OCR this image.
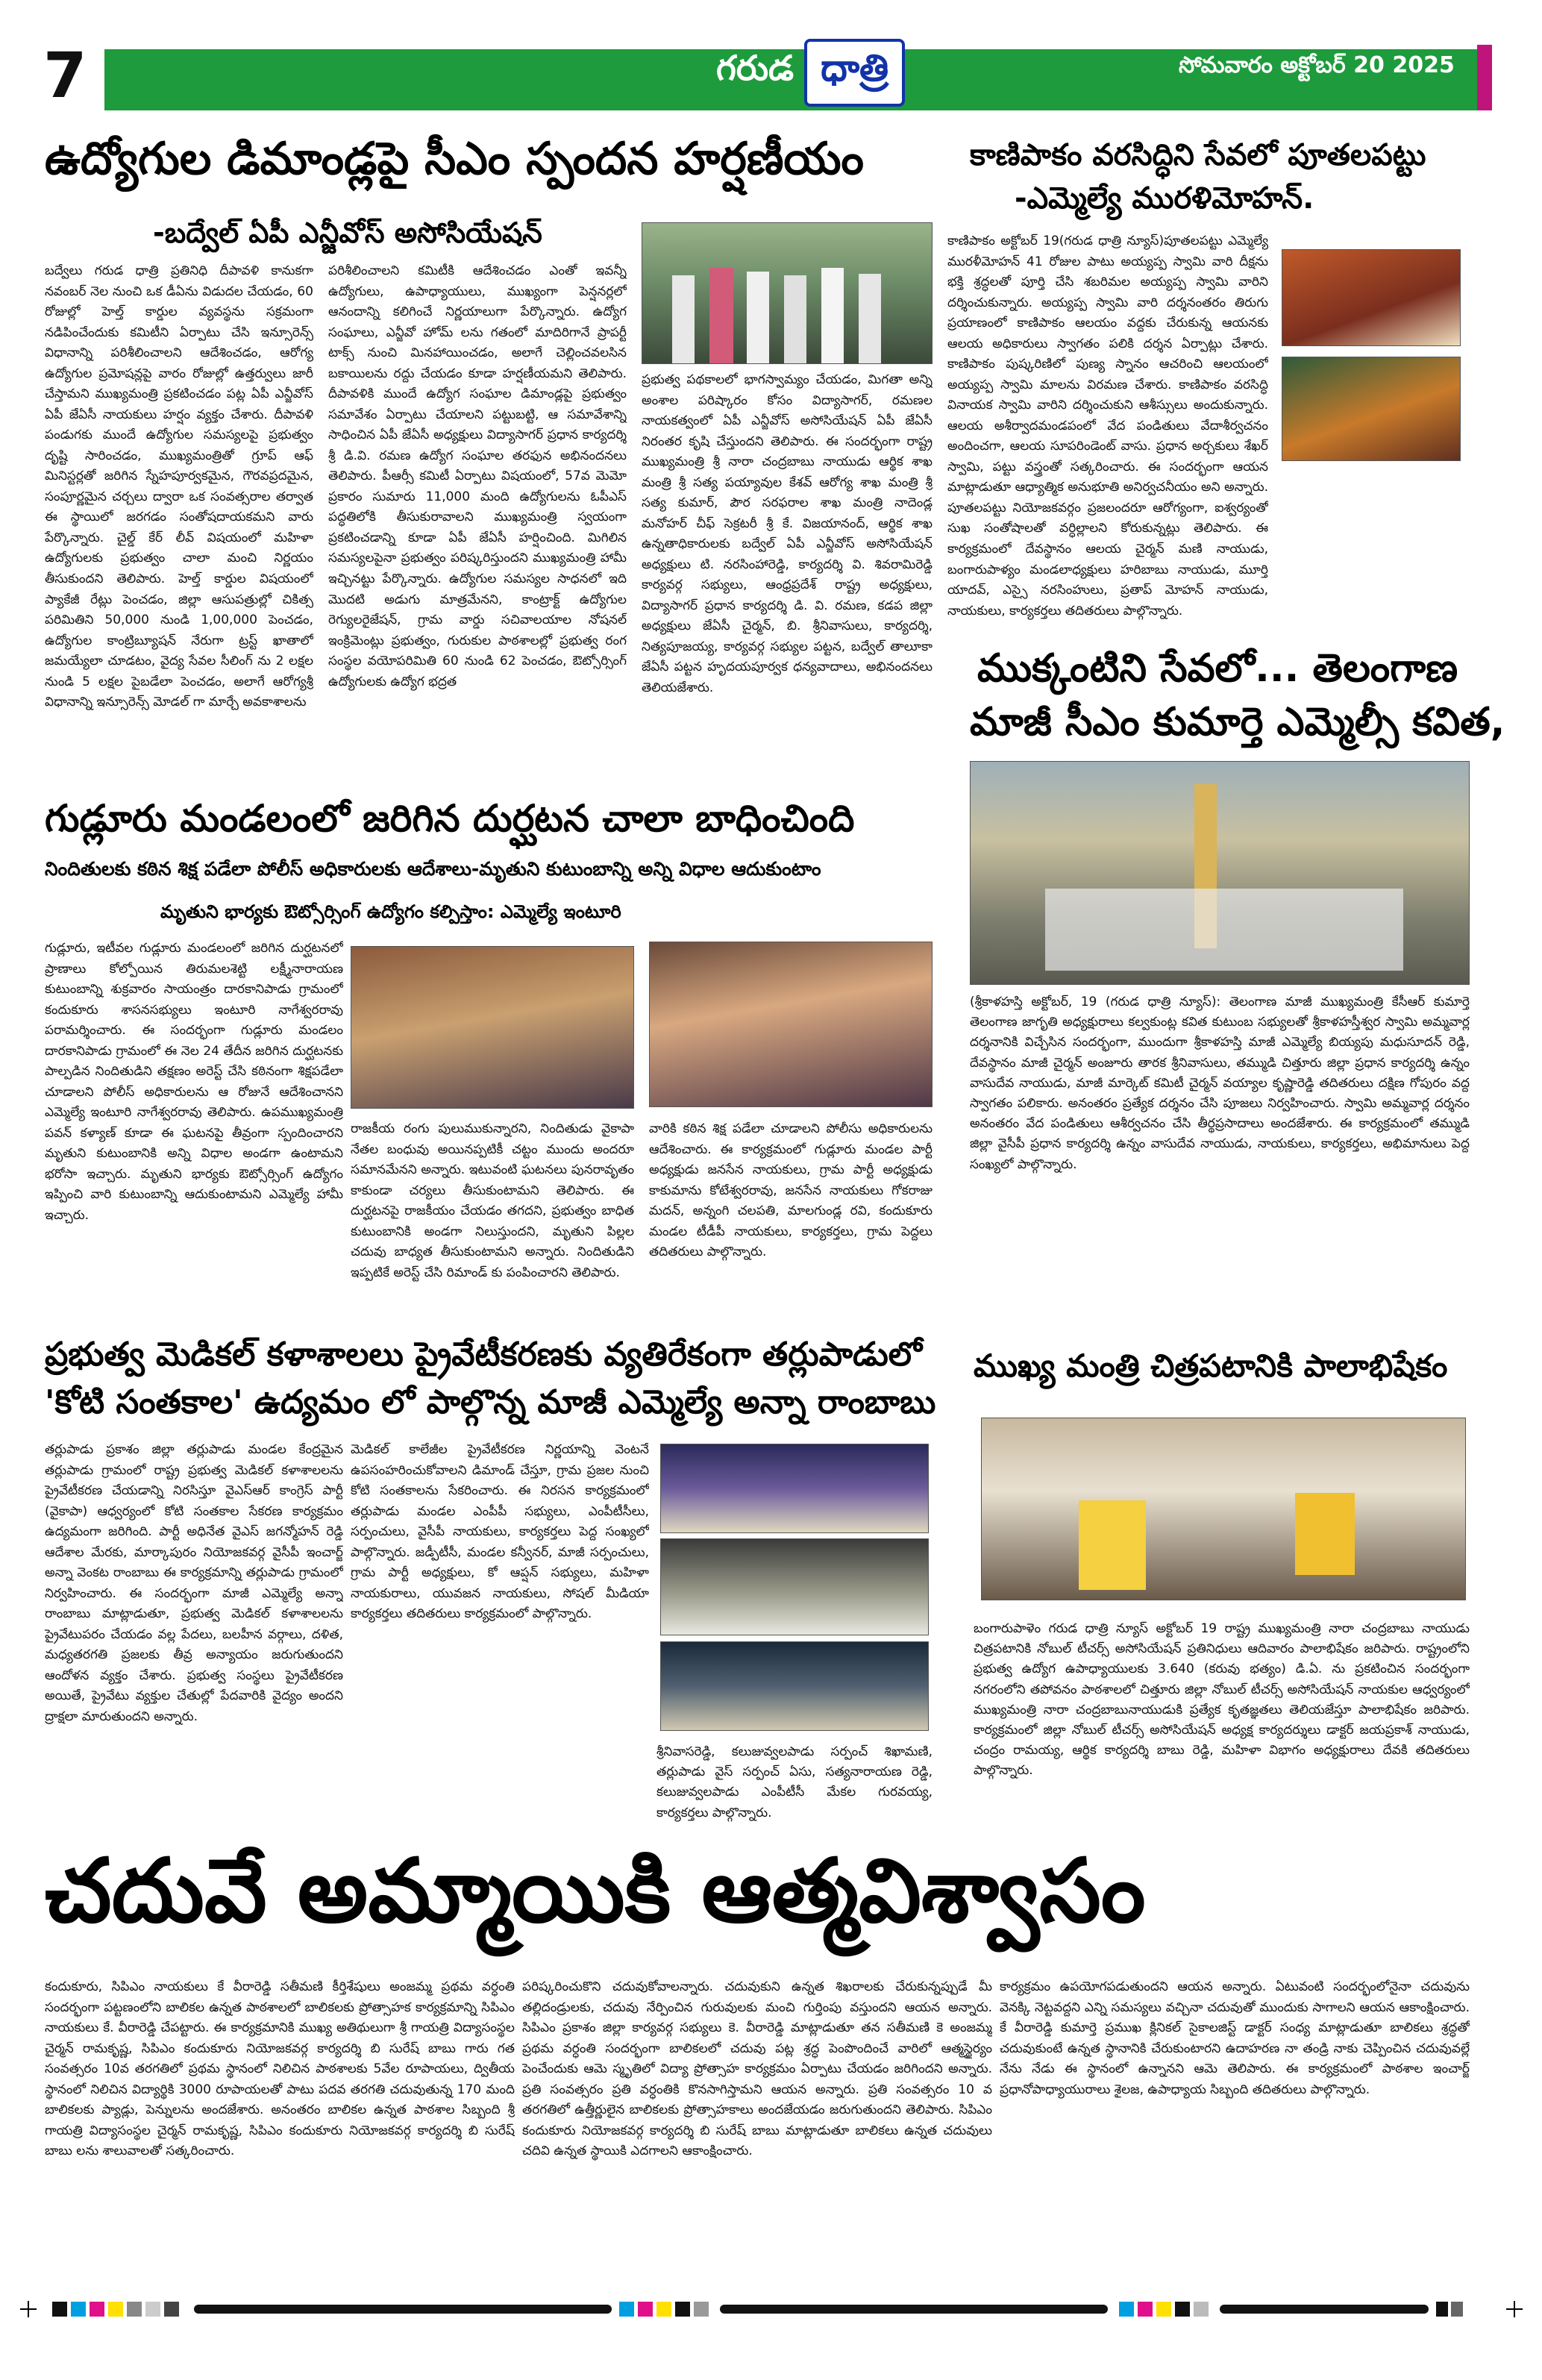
7	గరుడ ధాత్రి	సోమవారం అక్టోబర్ 20 2025
ఉద్యోగుల డిమాండ్లపై సీఎం స్పందన హర్షణీయం
-బద్వేల్ ఏపీ ఎన్జీవోస్ అసోసియేషన్
బద్వేలు గరుడ ధాత్రి ప్రతినిధి దీపావళి కానుకగా నవంబర్ నెల నుంచి ఒక డీఏను విడుదల చేయడం, 60 రోజుల్లో హెల్త్ కార్డుల వ్యవస్థను సక్రమంగా నడిపించేందుకు కమిటీని ఏర్పాటు చేసి ఇన్సూరెన్స్ విధానాన్ని పరిశీలించాలని ఆదేశించడం, ఆరోగ్య ఉద్యోగుల ప్రమోషన్లపై వారం రోజుల్లో ఉత్తర్వులు జారీ చేస్తామని ముఖ్యమంత్రి ప్రకటించడం పట్ల ఏపీ ఎన్జీవోస్ ఏపీ జేఏసీ నాయకులు హర్షం వ్యక్తం చేశారు. దీపావళి పండుగకు ముందే ఉద్యోగుల సమస్యలపై ప్రభుత్వం దృష్టి సారించడం, ముఖ్యమంత్రితో గ్రూప్ ఆఫ్ మినిస్టర్లతో జరిగిన స్నేహపూర్వకమైన, గౌరవప్రదమైన, సంపూర్ణమైన చర్చలు ద్వారా ఒక సంవత్సరాల తర్వాత ఈ స్థాయిలో జరగడం సంతోషదాయకమని వారు పేర్కొన్నారు. చైల్డ్ కేర్ లీవ్ విషయంలో మహిళా ఉద్యోగులకు ప్రభుత్వం చాలా మంచి నిర్ణయం తీసుకుందని తెలిపారు. హెల్త్ కార్డుల విషయంలో ప్యాకేజీ రేట్లు పెంచడం, జిల్లా ఆసుపత్రుల్లో చికిత్స పరిమితిని 50,000 నుండి 1,00,000 పెంచడం, ఉద్యోగుల కాంట్రిబ్యూషన్ నేరుగా ట్రస్ట్ ఖాతాలో జమయ్యేలా చూడటం, వైద్య సేవల సీలింగ్ ను 2 లక్షల నుండి 5 లక్షల పైబడేలా పెంచడం, అలాగే ఆరోగ్యశ్రీ విధానాన్ని ఇన్సూరెన్స్ మోడల్ గా మార్చే అవకాశాలను
పరిశీలించాలని కమిటీకి ఆదేశించడం ఎంతో ఇవన్నీ ఉద్యోగులు, ఉపాధ్యాయులు, ముఖ్యంగా పెన్షనర్లలో ఆనందాన్ని కలిగించే నిర్ణయాలుగా పేర్కొన్నారు. ఉద్యోగ సంఘాలు, ఎన్జీవో హోమ్ లను గతంలో మాదిరిగానే ప్రాపర్టీ టాక్స్ నుంచి మినహాయించడం, అలాగే చెల్లించవలసిన బకాయిలను రద్దు చేయడం కూడా హర్షణీయమని తెలిపారు. దీపావళికి ముందే ఉద్యోగ సంఘాల డిమాండ్లపై ప్రభుత్వం సమావేశం ఏర్పాటు చేయాలని పట్టుబట్టి, ఆ సమావేశాన్ని సాధించిన ఏపీ జేఏసీ అధ్యక్షులు విద్యాసాగర్ ప్రధాన కార్యదర్శి శ్రీ డి.వి. రమణ ఉద్యోగ సంఘాల తరఫున అభినందనలు తెలిపారు. పీఆర్సీ కమిటీ ఏర్పాటు విషయంలో, 57వ మెమో ప్రకారం సుమారు 11,000 మంది ఉద్యోగులను ఓపీఎస్ పద్ధతిలోకి తీసుకురావాలని ముఖ్యమంత్రి స్వయంగా ప్రకటించడాన్ని కూడా ఏపీ జేఏసీ హర్షించింది. మిగిలిన సమస్యలపైనా ప్రభుత్వం పరిష్కరిస్తుందని ముఖ్యమంత్రి హామీ ఇచ్చినట్టు పేర్కొన్నారు. ఉద్యోగుల సమస్యల సాధనలో ఇది మొదటి అడుగు మాత్రమేనని, కాంట్రాక్ట్ ఉద్యోగుల రెగ్యులరైజేషన్, గ్రామ వార్డు సచివాలయాల నోషనల్ ఇంక్రిమెంట్లు ప్రభుత్వం, గురుకుల పాఠశాలల్లో ప్రభుత్వ రంగ సంస్థల వయోపరిమితి 60 నుండి 62 పెంచడం, ఔట్సోర్సింగ్ ఉద్యోగులకు ఉద్యోగ భద్రత
ప్రభుత్వ పథకాలలో భాగస్వామ్యం చేయడం, మిగతా అన్ని అంశాల పరిష్కారం కోసం విద్యాసాగర్, రమణల నాయకత్వంలో ఏపీ ఎన్జీవోస్ అసోసియేషన్ ఏపీ జేఏసీ నిరంతర కృషి చేస్తుందని తెలిపారు. ఈ సందర్భంగా రాష్ట్ర ముఖ్యమంత్రి శ్రీ నారా చంద్రబాబు నాయుడు ఆర్థిక శాఖ మంత్రి శ్రీ సత్య పయ్యావుల కేశవ్ ఆరోగ్య శాఖ మంత్రి శ్రీ సత్య కుమార్, పౌర సరఫరాల శాఖ మంత్రి నాదెండ్ల మనోహర్ చీఫ్ సెక్రటరీ శ్రీ కే. విజయానంద్, ఆర్థిక శాఖ ఉన్నతాధికారులకు బద్వేల్ ఏపీ ఎన్జీవోస్ అసోసియేషన్ అధ్యక్షులు టి. నరసింహారెడ్డి, కార్యదర్శి వి. శివరామిరెడ్డి కార్యవర్గ సభ్యులు, ఆంధ్రప్రదేశ్ రాష్ట్ర అధ్యక్షులు, విద్యాసాగర్ ప్రధాన కార్యదర్శి డి. వి. రమణ, కడప జిల్లా అధ్యక్షులు జేఏసీ చైర్మన్, బి. శ్రీనివాసులు, కార్యదర్శి, నిత్యపూజయ్య, కార్యవర్గ సభ్యుల పట్టన, బద్వేల్ తాలూకా జేఏసీ పట్టన హృదయపూర్వక ధన్యవాదాలు, అభినందనలు తెలియజేశారు.
కాణిపాకం వరసిద్ధిని సేవలో పూతలపట్టు
-ఎమ్మెల్యే మురళిమోహన్.
కాణిపాకం అక్టోబర్ 19(గరుడ ధాత్రి న్యూస్)పూతలపట్టు ఎమ్మెల్యే మురళీమోహన్ 41 రోజుల పాటు అయ్యప్ప స్వామి వారి దీక్షను భక్తి శ్రద్ధలతో పూర్తి చేసి శబరిమల అయ్యప్ప స్వామి వారిని దర్శించుకున్నారు. అయ్యప్ప స్వామి వారి దర్శనంతరం తిరుగు ప్రయాణంలో కాణిపాకం ఆలయం వద్దకు చేరుకున్న ఆయనకు ఆలయ అధికారులు స్వాగతం పలికి దర్శన ఏర్పాట్లు చేశారు. కాణిపాకం పుష్కరిణిలో పుణ్య స్నానం ఆచరించి ఆలయంలో అయ్యప్ప స్వామి మాలను విరమణ చేశారు. కాణిపాకం వరసిద్ధి వినాయక స్వామి వారిని దర్శించుకుని ఆశీస్సులు అందుకున్నారు. ఆలయ అశీర్వాదమండపంలో వేద పండితులు వేదాశీర్వచనం అందించగా, ఆలయ సూపరిండెంట్ వాసు. ప్రధాన అర్చకులు శేఖర్ స్వామి, పట్టు వస్త్రంతో సత్కరించారు. ఈ సందర్భంగా ఆయన మాట్లాడుతూ ఆధ్యాత్మిక అనుభూతి అనిర్వచనీయం అని అన్నారు. పూతలపట్టు నియోజకవర్గం ప్రజలందరూ ఆరోగ్యంగా, ఐశ్వర్యంతో సుఖ సంతోషాలతో వర్ధిల్లాలని కోరుకున్నట్లు తెలిపారు. ఈ కార్యక్రమంలో దేవస్థానం ఆలయ చైర్మన్ మణి నాయుడు, బంగారుపాళ్యం మండలాధ్యక్షులు హరిబాబు నాయుడు, మూర్తి యాదవ్, ఎస్సై నరసింహులు, ప్రతాప్ మోహన్ నాయుడు, నాయకులు, కార్యకర్తలు తదితరులు పాల్గొన్నారు.
ముక్కంటిని సేవలో... తెలంగాణ
మాజీ సీఎం కుమార్తె ఎమ్మెల్సీ కవిత,
(శ్రీకాళహస్తి అక్టోబర్, 19 (గరుడ ధాత్రి న్యూస్): తెలంగాణ మాజీ ముఖ్యమంత్రి కేసీఆర్ కుమార్తె తెలంగాణ జాగృతి అధ్యక్షురాలు కల్వకుంట్ల కవిత కుటుంబ సభ్యులతో శ్రీకాళహస్తీశ్వర స్వామి అమ్మవార్ల దర్శనానికి విచ్చేసిన సందర్భంగా, ముందుగా శ్రీకాళహస్తి మాజీ ఎమ్మెల్యే బియ్యపు మధుసూదన్ రెడ్డి, దేవస్థానం మాజీ చైర్మన్ అంజూరు తారక శ్రీనివాసులు, తమ్ముడి చిత్తూరు జిల్లా ప్రధాన కార్యదర్శి ఉన్నం వాసుదేవ నాయుడు, మాజీ మార్కెట్ కమిటీ చైర్మన్ వయ్యాల కృష్ణారెడ్డి తదితరులు దక్షిణ గోపురం వద్ద స్వాగతం పలికారు. అనంతరం ప్రత్యేక దర్శనం చేసి పూజలు నిర్వహించారు. స్వామి అమ్మవార్ల దర్శనం అనంతరం వేద పండితులు ఆశీర్వచనం చేసి తీర్థప్రసాదాలు అందజేశారు. ఈ కార్యక్రమంలో తమ్ముడి జిల్లా వైసీపీ ప్రధాన కార్యదర్శి ఉన్నం వాసుదేవ నాయుడు, నాయకులు, కార్యకర్తలు, అభిమానులు పెద్ద సంఖ్యలో పాల్గొన్నారు.
గుడ్లూరు మండలంలో జరిగిన దుర్ఘటన చాలా బాధించింది
నిందితులకు కఠిన శిక్ష పడేలా పోలీస్ అధికారులకు ఆదేశాలు-మృతుని కుటుంబాన్ని అన్ని విధాల ఆదుకుంటాం
మృతుని భార్యకు ఔట్సోర్సింగ్ ఉద్యోగం కల్పిస్తాం: ఎమ్మెల్యే ఇంటూరి
గుడ్లూరు, ఇటీవల గుడ్లూరు మండలంలో జరిగిన దుర్ఘటనలో ప్రాణాలు కోల్పోయిన తిరుమలశెట్టి లక్ష్మీనారాయణ కుటుంబాన్ని శుక్రవారం సాయంత్రం దారకానిపాడు గ్రామంలో కందుకూరు శాసనసభ్యులు ఇంటూరి నాగేశ్వరరావు పరామర్శించారు. ఈ సందర్భంగా గుడ్లూరు మండలం దారకానిపాడు గ్రామంలో ఈ నెల 24 తేదీన జరిగిన దుర్ఘటనకు పాల్పడిన నిందితుడిని తక్షణం అరెస్ట్ చేసి కఠినంగా శిక్షపడేలా చూడాలని పోలీస్ అధికారులను ఆ రోజునే ఆదేశించానని ఎమ్మెల్యే ఇంటూరి నాగేశ్వరరావు తెలిపారు. ఉపముఖ్యమంత్రి పవన్ కళ్యాణ్ కూడా ఈ ఘటనపై తీవ్రంగా స్పందించారని మృతుని కుటుంబానికి అన్ని విధాల అండగా ఉంటామని భరోసా ఇచ్చారు. మృతుని భార్యకు ఔట్సోర్సింగ్ ఉద్యోగం ఇప్పించి వారి కుటుంబాన్ని ఆదుకుంటామని ఎమ్మెల్యే హామీ ఇచ్చారు.
రాజకీయ రంగు పులుముకున్నారని, నిందితుడు వైకాపా నేతల బంధువు అయినప్పటికీ చట్టం ముందు అందరూ సమానమేనని అన్నారు. ఇటువంటి ఘటనలు పునరావృతం కాకుండా చర్యలు తీసుకుంటామని తెలిపారు. ఈ దుర్ఘటనపై రాజకీయం చేయడం తగదని, ప్రభుత్వం బాధిత కుటుంబానికి అండగా నిలుస్తుందని, మృతుని పిల్లల చదువు బాధ్యత తీసుకుంటామని అన్నారు. నిందితుడిని ఇప్పటికే అరెస్ట్ చేసి రిమాండ్ కు పంపించారని తెలిపారు.
వారికి కఠిన శిక్ష పడేలా చూడాలని పోలీసు అధికారులను ఆదేశించారు. ఈ కార్యక్రమంలో గుడ్లూరు మండల పార్టీ అధ్యక్షుడు జనసేన నాయకులు, గ్రామ పార్టీ అధ్యక్షుడు కాకుమాను కోటేశ్వరరావు, జనసేన నాయకులు గోకరాజు మదన్, అన్నంగి చలపతి, మాలగుండ్ల రవి, కందుకూరు మండల టీడీపీ నాయకులు, కార్యకర్తలు, గ్రామ పెద్దలు తదితరులు పాల్గొన్నారు.
ప్రభుత్వ మెడికల్ కళాశాలలు ప్రైవేటీకరణకు వ్యతిరేకంగా తర్లుపాడులో
'కోటి సంతకాల' ఉద్యమం లో పాల్గొన్న మాజీ ఎమ్మెల్యే అన్నా రాంబాబు
తర్లుపాడు ప్రకాశం జిల్లా తర్లుపాడు మండల కేంద్రమైన తర్లుపాడు గ్రామంలో రాష్ట్ర ప్రభుత్వ మెడికల్ కళాశాలలను ప్రైవేటీకరణ చేయడాన్ని నిరసిస్తూ వైఎస్ఆర్ కాంగ్రెస్ పార్టీ (వైకాపా) ఆధ్వర్యంలో కోటి సంతకాల సేకరణ కార్యక్రమం ఉద్యమంగా జరిగింది. పార్టీ అధినేత వైఎస్ జగన్మోహన్ రెడ్డి ఆదేశాల మేరకు, మార్కాపురం నియోజకవర్గ వైసీపీ ఇంచార్జ్ అన్నా వెంకట రాంబాబు ఈ కార్యక్రమాన్ని తర్లుపాడు గ్రామంలో నిర్వహించారు. ఈ సందర్భంగా మాజీ ఎమ్మెల్యే అన్నా రాంబాబు మాట్లాడుతూ, ప్రభుత్వ మెడికల్ కళాశాలలను ప్రైవేటుపరం చేయడం వల్ల పేదలు, బలహీన వర్గాలు, దళిత, మధ్యతరగతి ప్రజలకు తీవ్ర అన్యాయం జరుగుతుందని ఆందోళన వ్యక్తం చేశారు. ప్రభుత్వ సంస్థలు ప్రైవేటీకరణ అయితే, ప్రైవేటు వ్యక్తుల చేతుల్లో పేదవారికి వైద్యం అందని ద్రాక్షలా మారుతుందని అన్నారు.
మెడికల్ కాలేజీల ప్రైవేటీకరణ నిర్ణయాన్ని వెంటనే ఉపసంహరించుకోవాలని డిమాండ్ చేస్తూ, గ్రామ ప్రజల నుంచి కోటి సంతకాలను సేకరించారు. ఈ నిరసన కార్యక్రమంలో తర్లుపాడు మండల ఎంపీపీ సభ్యులు, ఎంపీటీసీలు, సర్పంచులు, వైసీపీ నాయకులు, కార్యకర్తలు పెద్ద సంఖ్యలో పాల్గొన్నారు. జడ్పీటీసీ, మండల కన్వీనర్, మాజీ సర్పంచులు, గ్రామ పార్టీ అధ్యక్షులు, కో ఆప్షన్ సభ్యులు, మహిళా నాయకురాలు, యువజన నాయకులు, సోషల్ మీడియా కార్యకర్తలు తదితరులు కార్యక్రమంలో పాల్గొన్నారు.
శ్రీనివాసరెడ్డి, కలుజువ్వలపాడు సర్పంచ్ శిఖామణి, తర్లుపాడు వైస్ సర్పంచ్ ఏసు, సత్యనారాయణ రెడ్డి, కలుజువ్వలపాడు ఎంపీటీసీ మేకల గురవయ్య, కార్యకర్తలు పాల్గొన్నారు.
ముఖ్య మంత్రి చిత్రపటానికి పాలాభిషేకం
బంగారుపాళెం గరుడ ధాత్రి న్యూస్ అక్టోబర్ 19 రాష్ట్ర ముఖ్యమంత్రి నారా చంద్రబాబు నాయుడు చిత్రపటానికి నోబుల్ టీచర్స్ అసోసియేషన్ ప్రతినిధులు ఆదివారం పాలాభిషేకం జరిపారు. రాష్ట్రంలోని ప్రభుత్వ ఉద్యోగ ఉపాధ్యాయులకు 3.640 (కరువు భత్యం) డి.ఏ. ను ప్రకటించిన సందర్భంగా నగరంలోని తపోవనం పాఠశాలలో చిత్తూరు జిల్లా నోబుల్ టీచర్స్ అసోసియేషన్ నాయకుల ఆధ్వర్యంలో ముఖ్యమంత్రి నారా చంద్రబాబునాయుడుకి ప్రత్యేక కృతజ్ఞతలు తెలియజేస్తూ పాలాభిషేకం జరిపారు. కార్యక్రమంలో జిల్లా నోబుల్ టీచర్స్ అసోసియేషన్ అధ్యక్ష కార్యదర్శులు డాక్టర్ జయప్రకాశ్ నాయుడు, చంద్రం రామయ్య, ఆర్థిక కార్యదర్శి బాబు రెడ్డి, మహిళా విభాగం అధ్యక్షురాలు దేవకి తదితరులు పాల్గొన్నారు.
చదువే అమ్మాయికి ఆత్మవిశ్వాసం
కందుకూరు, సిపిఎం నాయకులు కే వీరారెడ్డి సతీమణి కీర్తిశేషులు అంజమ్మ ప్రథమ వర్ధంతి సందర్భంగా పట్టణంలోని బాలికల ఉన్నత పాఠశాలలో బాలికలకు ప్రోత్సాహక కార్యక్రమాన్ని సిపిఎం నాయకులు కే. వీరారెడ్డి చేపట్టారు. ఈ కార్యక్రమానికి ముఖ్య అతిథులుగా శ్రీ గాయత్రి విద్యాసంస్థల చైర్మన్ రామకృష్ణ, సిపిఎం కందుకూరు నియోజకవర్గ కార్యదర్శి బి సురేష్ బాబు గారు గత సంవత్సరం 10వ తరగతిలో ప్రథమ స్థానంలో నిలిచిన పాఠశాలకు 5వేల రూపాయలు, ద్వితీయ స్థానంలో నిలిచిన విద్యార్థికి 3000 రూపాయలతో పాటు పదవ తరగతి చదువుతున్న 170 మంది బాలికలకు ప్యాడ్లు, పెన్నులను అందజేశారు. అనంతరం బాలికల ఉన్నత పాఠశాల సిబ్బంది శ్రీ గాయత్రి విద్యాసంస్థల చైర్మన్ రామకృష్ణ, సిపిఎం కందుకూరు నియోజకవర్గ కార్యదర్శి బి సురేష్ బాబు లను శాలువాలతో సత్కరించారు.
పరిష్కరించుకొని చదువుకోవాలన్నారు. చదువుకుని ఉన్నత శిఖరాలకు చేరుకున్నప్పుడే మీ తల్లిదండ్రులకు, చదువు నేర్పించిన గురువులకు మంచి గుర్తింపు వస్తుందని ఆయన అన్నారు. సిపిఎం ప్రకాశం జిల్లా కార్యవర్గ సభ్యులు కె. వీరారెడ్డి మాట్లాడుతూ తన సతీమణి కె అంజమ్మ ప్రథమ వర్ధంతి సందర్భంగా బాలికలలో చదువు పట్ల శ్రద్ధ పెంపొందించే వారిలో ఆత్మస్థైర్యం పెంచేందుకు ఆమె స్మృతిలో విద్యా ప్రోత్సాహ కార్యక్రమం ఏర్పాటు చేయడం జరిగిందని అన్నారు. ప్రతి సంవత్సరం ప్రతి వర్ధంతికి కొనసాగిస్తామని ఆయన అన్నారు. ప్రతి సంవత్సరం 10 వ తరగతిలో ఉత్తీర్ణులైన బాలికలకు ప్రోత్సాహకాలు అందజేయడం జరుగుతుందని తెలిపారు. సిపిఎం కందుకూరు నియోజకవర్గ కార్యదర్శి బి సురేష్ బాబు మాట్లాడుతూ బాలికలు ఉన్నత చదువులు చదివి ఉన్నత స్థాయికి ఎదగాలని ఆకాంక్షించారు.
కార్యక్రమం ఉపయోగపడుతుందని ఆయన అన్నారు. ఏటువంటి సందర్భంలోనైనా చదువును వెనక్కి నెట్టవద్దని ఎన్ని సమస్యలు వచ్చినా చదువుతో ముందుకు సాగాలని ఆయన ఆకాంక్షించారు. కే వీరారెడ్డి కుమార్తె ప్రముఖ క్లినికల్ సైకాలజిస్ట్ డాక్టర్ సంధ్య మాట్లాడుతూ బాలికలు శ్రద్ధతో చదువుకుంటే ఉన్నత స్థానానికి చేరుకుంటారని ఉదాహరణ నా తండ్రి నాకు చెప్పించిన చదువువల్లే నేను నేడు ఈ స్థానంలో ఉన్నానని ఆమె తెలిపారు. ఈ కార్యక్రమంలో పాఠశాల ఇంచార్జ్ ప్రధానోపాధ్యాయురాలు శైలజ, ఉపాధ్యాయ సిబ్బంది తదితరులు పాల్గొన్నారు.
